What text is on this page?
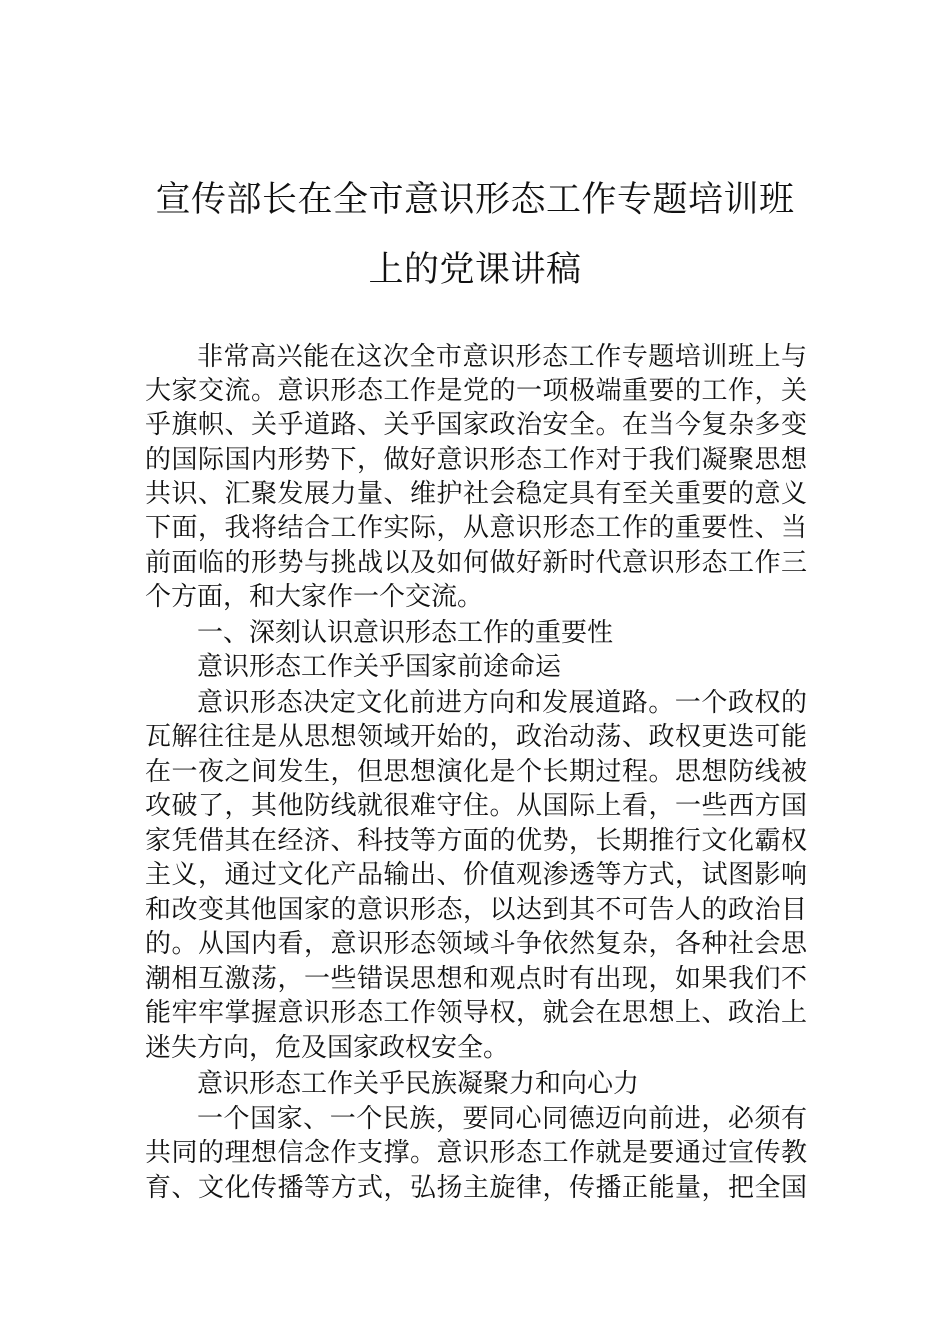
宣传部长在全市意识形态工作专题培训班
上的党课讲稿
非常高兴能在这次全市意识形态工作专题培训班上与
大家交流。意识形态工作是党的一项极端重要的工作，关
乎旗帜、关乎道路、关乎国家政治安全。在当今复杂多变
的国际国内形势下，做好意识形态工作对于我们凝聚思想
共识、汇聚发展力量、维护社会稳定具有至关重要的意义
下面，我将结合工作实际，从意识形态工作的重要性、当
前面临的形势与挑战以及如何做好新时代意识形态工作三
个方面，和大家作一个交流。
一、深刻认识意识形态工作的重要性
意识形态工作关乎国家前途命运
意识形态决定文化前进方向和发展道路。一个政权的
瓦解往往是从思想领域开始的，政治动荡、政权更迭可能
在一夜之间发生，但思想演化是个长期过程。思想防线被
攻破了，其他防线就很难守住。从国际上看，一些西方国
家凭借其在经济、科技等方面的优势，长期推行文化霸权
主义，通过文化产品输出、价值观渗透等方式，试图影响
和改变其他国家的意识形态，以达到其不可告人的政治目
的。从国内看，意识形态领域斗争依然复杂，各种社会思
潮相互激荡，一些错误思想和观点时有出现，如果我们不
能牢牢掌握意识形态工作领导权，就会在思想上、政治上
迷失方向，危及国家政权安全。
意识形态工作关乎民族凝聚力和向心力
一个国家、一个民族，要同心同德迈向前进，必须有
共同的理想信念作支撑。意识形态工作就是要通过宣传教
育、文化传播等方式，弘扬主旋律，传播正能量，把全国
